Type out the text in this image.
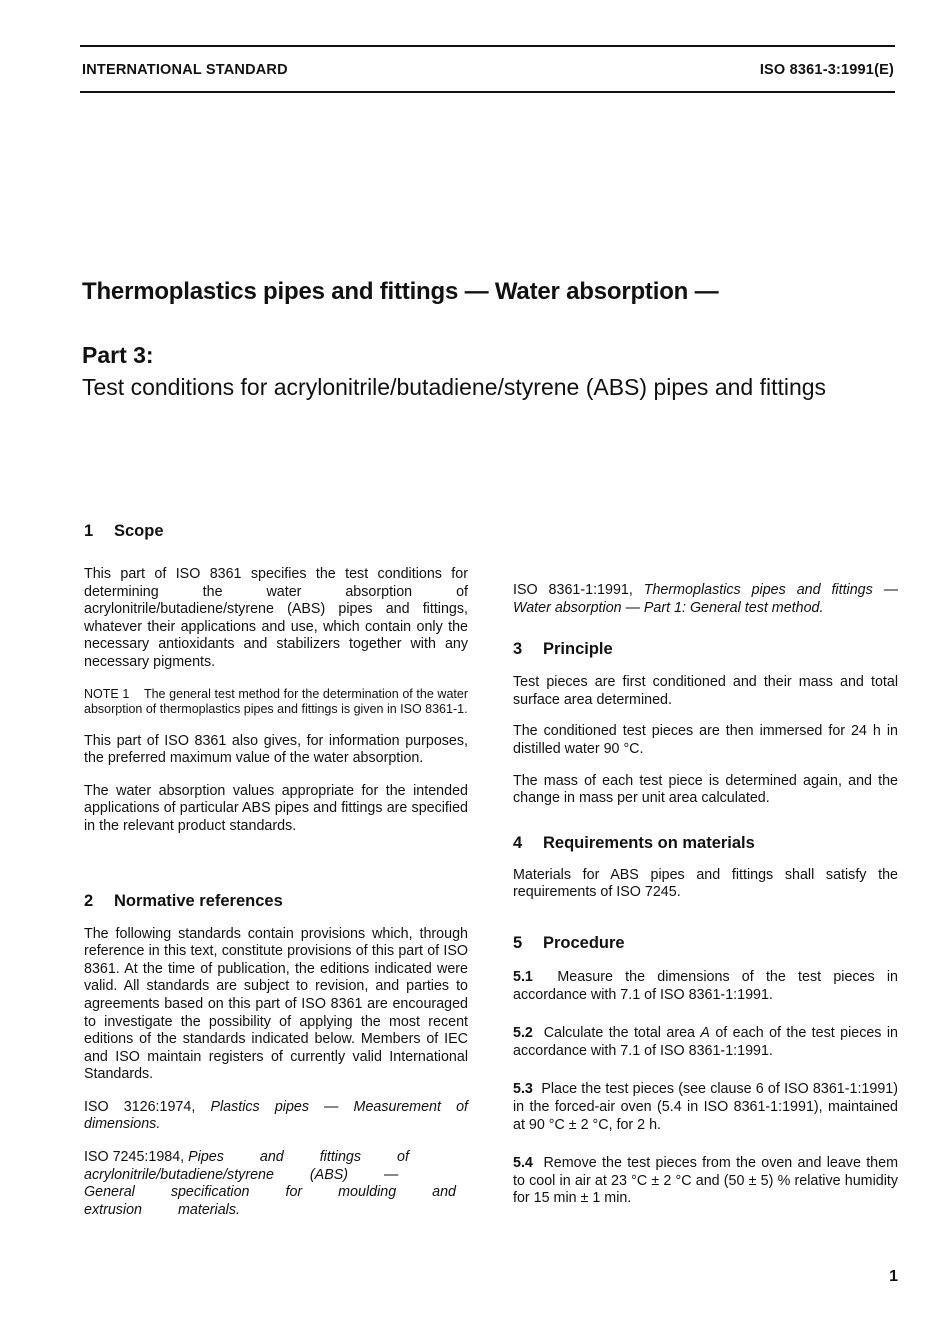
INTERNATIONAL STANDARD	ISO 8361-3:1991(E)
Thermoplastics pipes and fittings — Water absorption —
Part 3:
Test conditions for acrylonitrile/butadiene/styrene (ABS) pipes and fittings
1 Scope

This part of ISO 8361 specifies the test conditions for determining the water absorption of acrylonitrile/butadiene/styrene (ABS) pipes and fittings, whatever their applications and use, which contain only the necessary antioxidants and stabilizers together with any necessary pigments.

NOTE 1 The general test method for the determination of the water absorption of thermoplastics pipes and fittings is given in ISO 8361-1.

This part of ISO 8361 also gives, for information purposes, the preferred maximum value of the water absorption.

The water absorption values appropriate for the intended applications of particular ABS pipes and fittings are specified in the relevant product standards.

2 Normative references

The following standards contain provisions which, through reference in this text, constitute provisions of this part of ISO 8361. At the time of publication, the editions indicated were valid. All standards are subject to revision, and parties to agreements based on this part of ISO 8361 are encouraged to investigate the possibility of applying the most recent editions of the standards indicated below. Members of IEC and ISO maintain registers of currently valid International Standards.

ISO 3126:1974, Plastics pipes — Measurement of dimensions.

ISO 7245:1984, Pipes and fittings of acrylonitrile/butadiene/styrene (ABS) — General specification for moulding and extrusion materials.

ISO 8361-1:1991, Thermoplastics pipes and fittings — Water absorption — Part 1: General test method.

3 Principle

Test pieces are first conditioned and their mass and total surface area determined.

The conditioned test pieces are then immersed for 24 h in distilled water 90 °C.

The mass of each test piece is determined again, and the change in mass per unit area calculated.

4 Requirements on materials

Materials for ABS pipes and fittings shall satisfy the requirements of ISO 7245.

5 Procedure

5.1 Measure the dimensions of the test pieces in accordance with 7.1 of ISO 8361-1:1991.

5.2 Calculate the total area A of each of the test pieces in accordance with 7.1 of ISO 8361-1:1991.

5.3 Place the test pieces (see clause 6 of ISO 8361-1:1991) in the forced-air oven (5.4 in ISO 8361-1:1991), maintained at 90 °C ± 2 °C, for 2 h.

5.4 Remove the test pieces from the oven and leave them to cool in air at 23 °C ± 2 °C and (50 ± 5) % relative humidity for 15 min ± 1 min.

1
